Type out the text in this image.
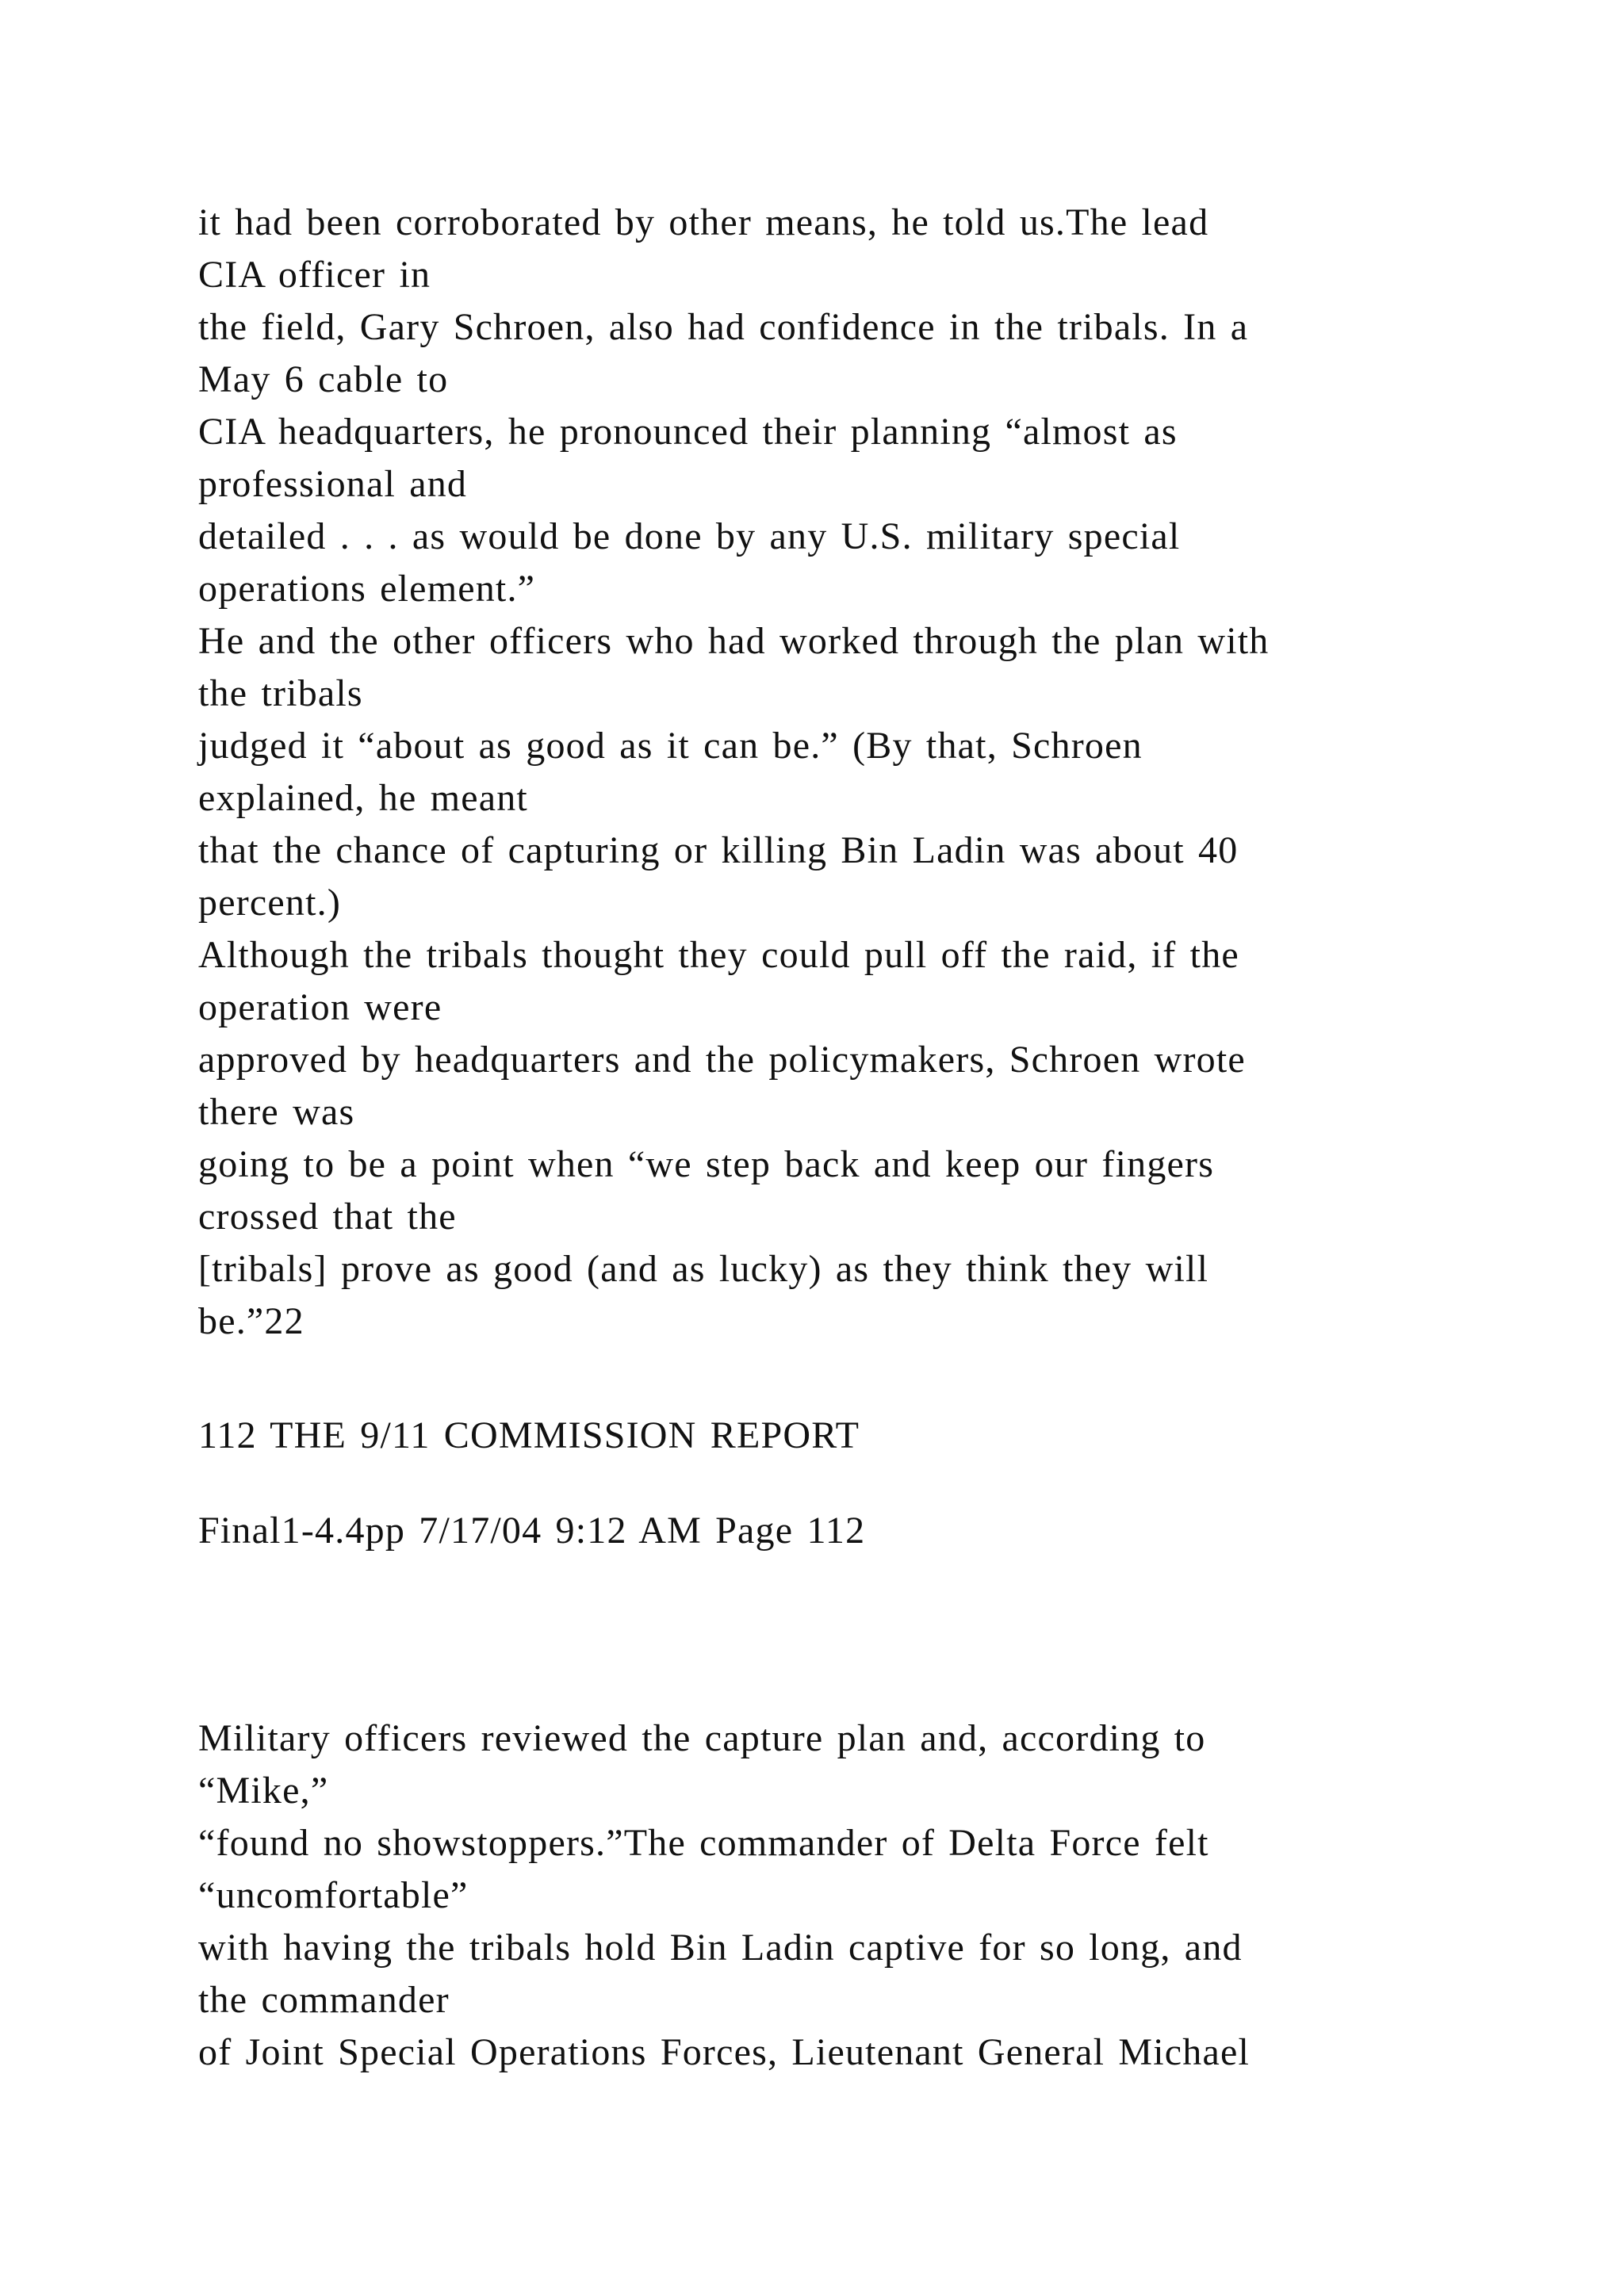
it had been corroborated by other means, he told us.The lead
CIA officer in
the field, Gary Schroen, also had confidence in the tribals. In a
May 6 cable to
CIA headquarters, he pronounced their planning “almost as
professional and
detailed . . . as would be done by any U.S. military special
operations element.”
He and the other officers who had worked through the plan with
the tribals
judged it “about as good as it can be.” (By that, Schroen
explained, he meant
that the chance of capturing or killing Bin Ladin was about 40
percent.)
Although the tribals thought they could pull off the raid, if the
operation were
approved by headquarters and the policymakers, Schroen wrote
there was
going to be a point when “we step back and keep our fingers
crossed that the
[tribals] prove as good (and as lucky) as they think they will
be.”22
112 THE 9/11 COMMISSION REPORT
Final1-4.4pp 7/17/04 9:12 AM Page 112
Military officers reviewed the capture plan and, according to
“Mike,”
“found no showstoppers.”The commander of Delta Force felt
“uncomfortable”
with having the tribals hold Bin Ladin captive for so long, and
the commander
of Joint Special Operations Forces, Lieutenant General Michael
